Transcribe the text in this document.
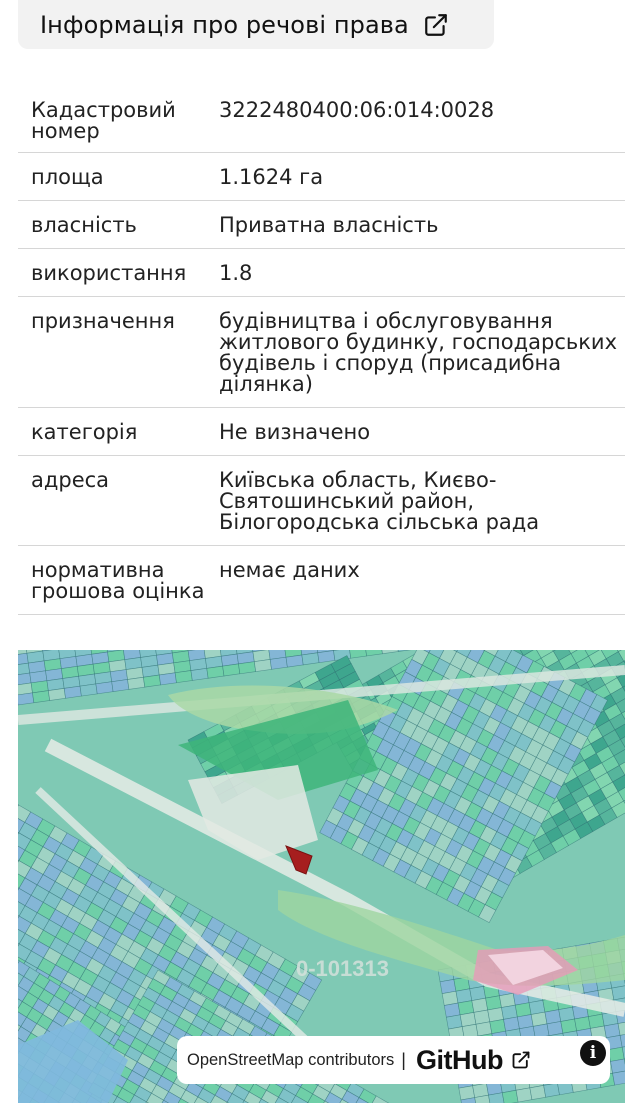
Інформація про речові права
Кадастровий номер	3222480400:06:014:0028
площа	1.1624 га
власність	Приватна власність
використання	1.8
призначення	будівництва і обслуговування житлового будинку, господарських будівель і споруд (присадибна ділянка)
категорія	Не визначено
адреса	Київська область, Києво-Святошинський район, Білогородська сільська рада
нормативна грошова оцінка	немає даних
0-101313
OpenStreetMap contributors | GitHub	i
